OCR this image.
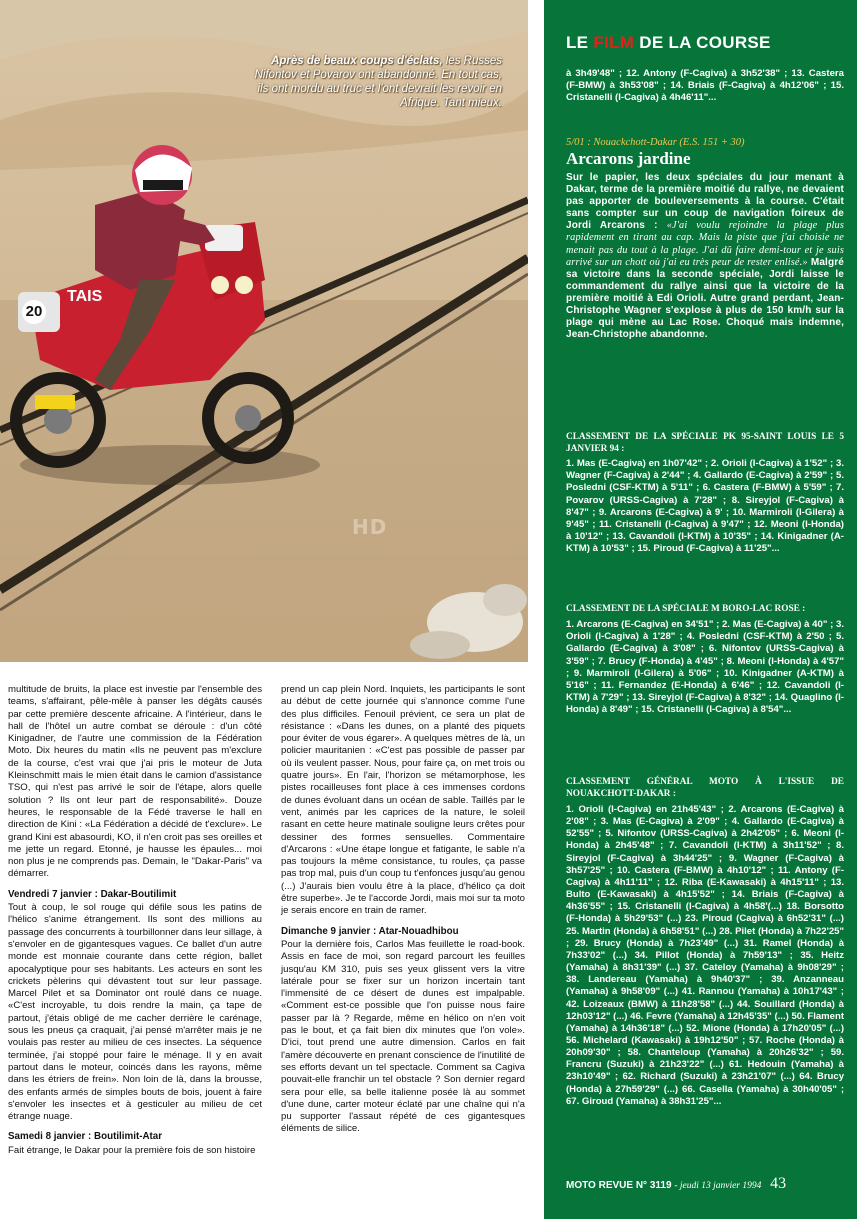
Après de beaux coups d'éclats, les Russes Nifontov et Povarov ont abandonné. En tout cas, ils ont mordu au truc et l'ont devrait les revoir en Afrique. Tant mieux.
20
TAIS
HD

multitude de bruits, la place est investie par l'ensemble des teams, s'affairant, pêle-mêle à panser les dégâts causés par cette première descente africaine. A l'intérieur, dans le hall de l'hôtel un autre combat se déroule : d'un côté Kinigadner, de l'autre une commission de la Fédération Moto. Dix heures du matin «Ils ne peuvent pas m'exclure de la course, c'est vrai que j'ai pris le moteur de Juta Kleinschmitt mais le mien était dans le camion d'assistance TSO, qui n'est pas arrivé le soir de l'étape, alors quelle solution ? Ils ont leur part de responsabilité». Douze heures, le responsable de la Fédé traverse le hall en direction de Kini : «La Fédération a décidé de t'exclure». Le grand Kini est abasourdi, KO, il n'en croit pas ses oreilles et me jette un regard. Etonné, je hausse les épaules... moi non plus je ne comprends pas. Demain, le "Dakar-Paris" va démarrer.

Vendredi 7 janvier : Dakar-Boutilimit

Tout à coup, le sol rouge qui défile sous les patins de l'hélico s'anime étrangement. Ils sont des millions au passage des concurrents à tourbillonner dans leur sillage, à s'envoler en de gigantesques vagues. Ce ballet d'un autre monde est monnaie courante dans cette région, ballet apocalyptique pour ses habitants. Les acteurs en sont les crickets pèlerins qui dévastent tout sur leur passage. Marcel Pilet et sa Dominator ont roulé dans ce nuage. «C'est incroyable, tu dois rendre la main, ça tape de partout, j'étais obligé de me cacher derrière le carénage, sous les pneus ça craquait, j'ai pensé m'arrêter mais je ne voulais pas rester au milieu de ces insectes. La séquence terminée, j'ai stoppé pour faire le ménage. Il y en avait partout dans le moteur, coincés dans les rayons, même dans les étriers de frein». Non loin de là, dans la brousse, des enfants armés de simples bouts de bois, jouent à faire s'envoler les insectes et à gesticuler au milieu de cet étrange nuage.

Samedi 8 janvier : Boutilimit-Atar

Fait étrange, le Dakar pour la première fois de son histoire

prend un cap plein Nord. Inquiets, les participants le sont au début de cette journée qui s'annonce comme l'une des plus difficiles. Fenouil prévient, ce sera un plat de résistance : «Dans les dunes, on a planté des piquets pour éviter de vous égarer». A quelques mètres de là, un policier mauritanien : «C'est pas possible de passer par où ils veulent passer. Nous, pour faire ça, on met trois ou quatre jours». En l'air, l'horizon se métamorphose, les pistes rocailleuses font place à ces immenses cordons de dunes évoluant dans un océan de sable. Taillés par le vent, animés par les caprices de la nature, le soleil rasant en cette heure matinale souligne leurs crêtes pour dessiner des formes sensuelles. Commentaire d'Arcarons : «Une étape longue et fatigante, le sable n'a pas toujours la même consistance, tu roules, ça passe pas trop mal, puis d'un coup tu t'enfonces jusqu'au genou (...) J'aurais bien voulu être à la place, d'hélico ça doit être superbe». Je te l'accorde Jordi, mais moi sur ta moto je serais encore en train de ramer.

Dimanche 9 janvier : Atar-Nouadhibou

Pour la dernière fois, Carlos Mas feuillette le road-book. Assis en face de moi, son regard parcourt les feuilles jusqu'au KM 310, puis ses yeux glissent vers la vitre latérale pour se fixer sur un horizon incertain tant l'immensité de ce désert de dunes est impalpable. «Comment est-ce possible que l'on puisse nous faire passer par là ? Regarde, même en hélico on n'en voit pas le bout, et ça fait bien dix minutes que l'on vole». D'ici, tout prend une autre dimension. Carlos en fait l'amère découverte en prenant conscience de l'inutilité de ses efforts devant un tel spectacle. Comment sa Cagiva pouvait-elle franchir un tel obstacle ? Son dernier regard sera pour elle, sa belle italienne posée là au sommet d'une dune, carter moteur éclaté par une chaîne qui n'a pu supporter l'assaut répété de ces gigantesques éléments de silice.

LE FILM DE LA COURSE
à 3h49'48" ; 12. Antony (F-Cagiva) à 3h52'38" ; 13. Castera (F-BMW) à 3h53'08" ; 14. Briais (F-Cagiva) à 4h12'06" ; 15. Cristanelli (I-Cagiva) à 4h46'11"...
5/01 : Nouackchott-Dakar (E.S. 151 + 30)
Arcarons jardine
Sur le papier, les deux spéciales du jour menant à Dakar, terme de la première moitié du rallye, ne devaient pas apporter de bouleversements à la course. C'était sans compter sur un coup de navigation foireux de Jordi Arcarons : «J'ai voulu rejoindre la plage plus rapidement en tirant au cap. Mais la piste que j'ai choisie ne menait pas du tout à la plage. J'ai dû faire demi-tour et je suis arrivé sur un chott où j'ai eu très peur de rester enlisé.» Malgré sa victoire dans la seconde spéciale, Jordi laisse le commandement du rallye ainsi que la victoire de la première moitié à Edi Orioli. Autre grand perdant, Jean-Christophe Wagner s'explose à plus de 150 km/h sur la plage qui mène au Lac Rose. Choqué mais indemne, Jean-Christophe abandonne.
CLASSEMENT DE LA SPÉCIALE PK 95-SAINT LOUIS LE 5 JANVIER 94 :
1. Mas (E-Cagiva) en 1h07'42" ; 2. Orioli (I-Cagiva) à 1'52" ; 3. Wagner (F-Cagiva) à 2'44" ; 4. Gallardo (E-Cagiva) à 2'59" ; 5. Posledni (CSF-KTM) à 5'11" ; 6. Castera (F-BMW) à 5'59" ; 7. Povarov (URSS-Cagiva) à 7'28" ; 8. Sireyjol (F-Cagiva) à 8'47" ; 9. Arcarons (E-Cagiva) à 9' ; 10. Marmiroli (I-Gilera) à 9'45" ; 11. Cristanelli (I-Cagiva) à 9'47" ; 12. Meoni (I-Honda) à 10'12" ; 13. Cavandoli (I-KTM) à 10'35" ; 14. Kinigadner (A-KTM) à 10'53" ; 15. Piroud (F-Cagiva) à 11'25"...
CLASSEMENT DE LA SPÉCIALE M BORO-LAC ROSE :
1. Arcarons (E-Cagiva) en 34'51" ; 2. Mas (E-Cagiva) à 40" ; 3. Orioli (I-Cagiva) à 1'28" ; 4. Posledni (CSF-KTM) à 2'50 ; 5. Gallardo (E-Cagiva) à 3'08" ; 6. Nifontov (URSS-Cagiva) à 3'59" ; 7. Brucy (F-Honda) à 4'45" ; 8. Meoni (I-Honda) à 4'57" ; 9. Marmiroli (I-Gilera) à 5'06" ; 10. Kinigadner (A-KTM) à 5'16" ; 11. Fernandez (E-Honda) à 6'46" ; 12. Cavandoli (I-KTM) à 7'29" ; 13. Sireyjol (F-Cagiva) à 8'32" ; 14. Quaglino (I-Honda) à 8'49" ; 15. Cristanelli (I-Cagiva) à 8'54"...
CLASSEMENT GÉNÉRAL MOTO À L'ISSUE DE NOUAKCHOTT-DAKAR :
1. Orioli (I-Cagiva) en 21h45'43" ; 2. Arcarons (E-Cagiva) à 2'08" ; 3. Mas (E-Cagiva) à 2'09" ; 4. Gallardo (E-Cagiva) à 52'55" ; 5. Nifontov (URSS-Cagiva) à 2h42'05" ; 6. Meoni (I-Honda) à 2h45'48" ; 7. Cavandoli (I-KTM) à 3h11'52" ; 8. Sireyjol (F-Cagiva) à 3h44'25" ; 9. Wagner (F-Cagiva) à 3h57'25" ; 10. Castera (F-BMW) à 4h10'12" ; 11. Antony (F-Cagiva) à 4h11'11" ; 12. Riba (E-Kawasaki) à 4h15'11" ; 13. Bulto (E-Kawasaki) à 4h15'52" ; 14. Briais (F-Cagiva) à 4h36'55" ; 15. Cristanelli (I-Cagiva) à 4h58'(...) 18. Borsotto (F-Honda) à 5h29'53" (...) 23. Piroud (Cagiva) à 6h52'31" (...) 25. Martin (Honda) à 6h58'51" (...) 28. Pilet (Honda) à 7h22'25" ; 29. Brucy (Honda) à 7h23'49" (...) 31. Ramel (Honda) à 7h33'02" (...) 34. Pillot (Honda) à 7h59'13" ; 35. Heitz (Yamaha) à 8h31'39" (...) 37. Cateloy (Yamaha) à 9h08'29" ; 38. Landereau (Yamaha) à 9h40'37" ; 39. Anzanneau (Yamaha) à 9h58'09" (...) 41. Rannou (Yamaha) à 10h17'43" ; 42. Loizeaux (BMW) à 11h28'58" (...) 44. Souillard (Honda) à 12h03'12" (...) 46. Fevre (Yamaha) à 12h45'35" (...) 50. Flament (Yamaha) à 14h36'18" (...) 52. Mione (Honda) à 17h20'05" (...) 56. Michelard (Kawasaki) à 19h12'50" ; 57. Roche (Honda) à 20h09'30" ; 58. Chanteloup (Yamaha) à 20h26'32" ; 59. Francru (Suzuki) à 21h23'22" (...) 61. Hedouin (Yamaha) à 23h10'49" ; 62. Richard (Suzuki) à 23h21'07" (...) 64. Brucy (Honda) à 27h59'29" (...) 66. Casella (Yamaha) à 30h40'05" ; 67. Giroud (Yamaha) à 38h31'25"...
MOTO REVUE N° 3119 - jeudi 13 janvier 1994 43
